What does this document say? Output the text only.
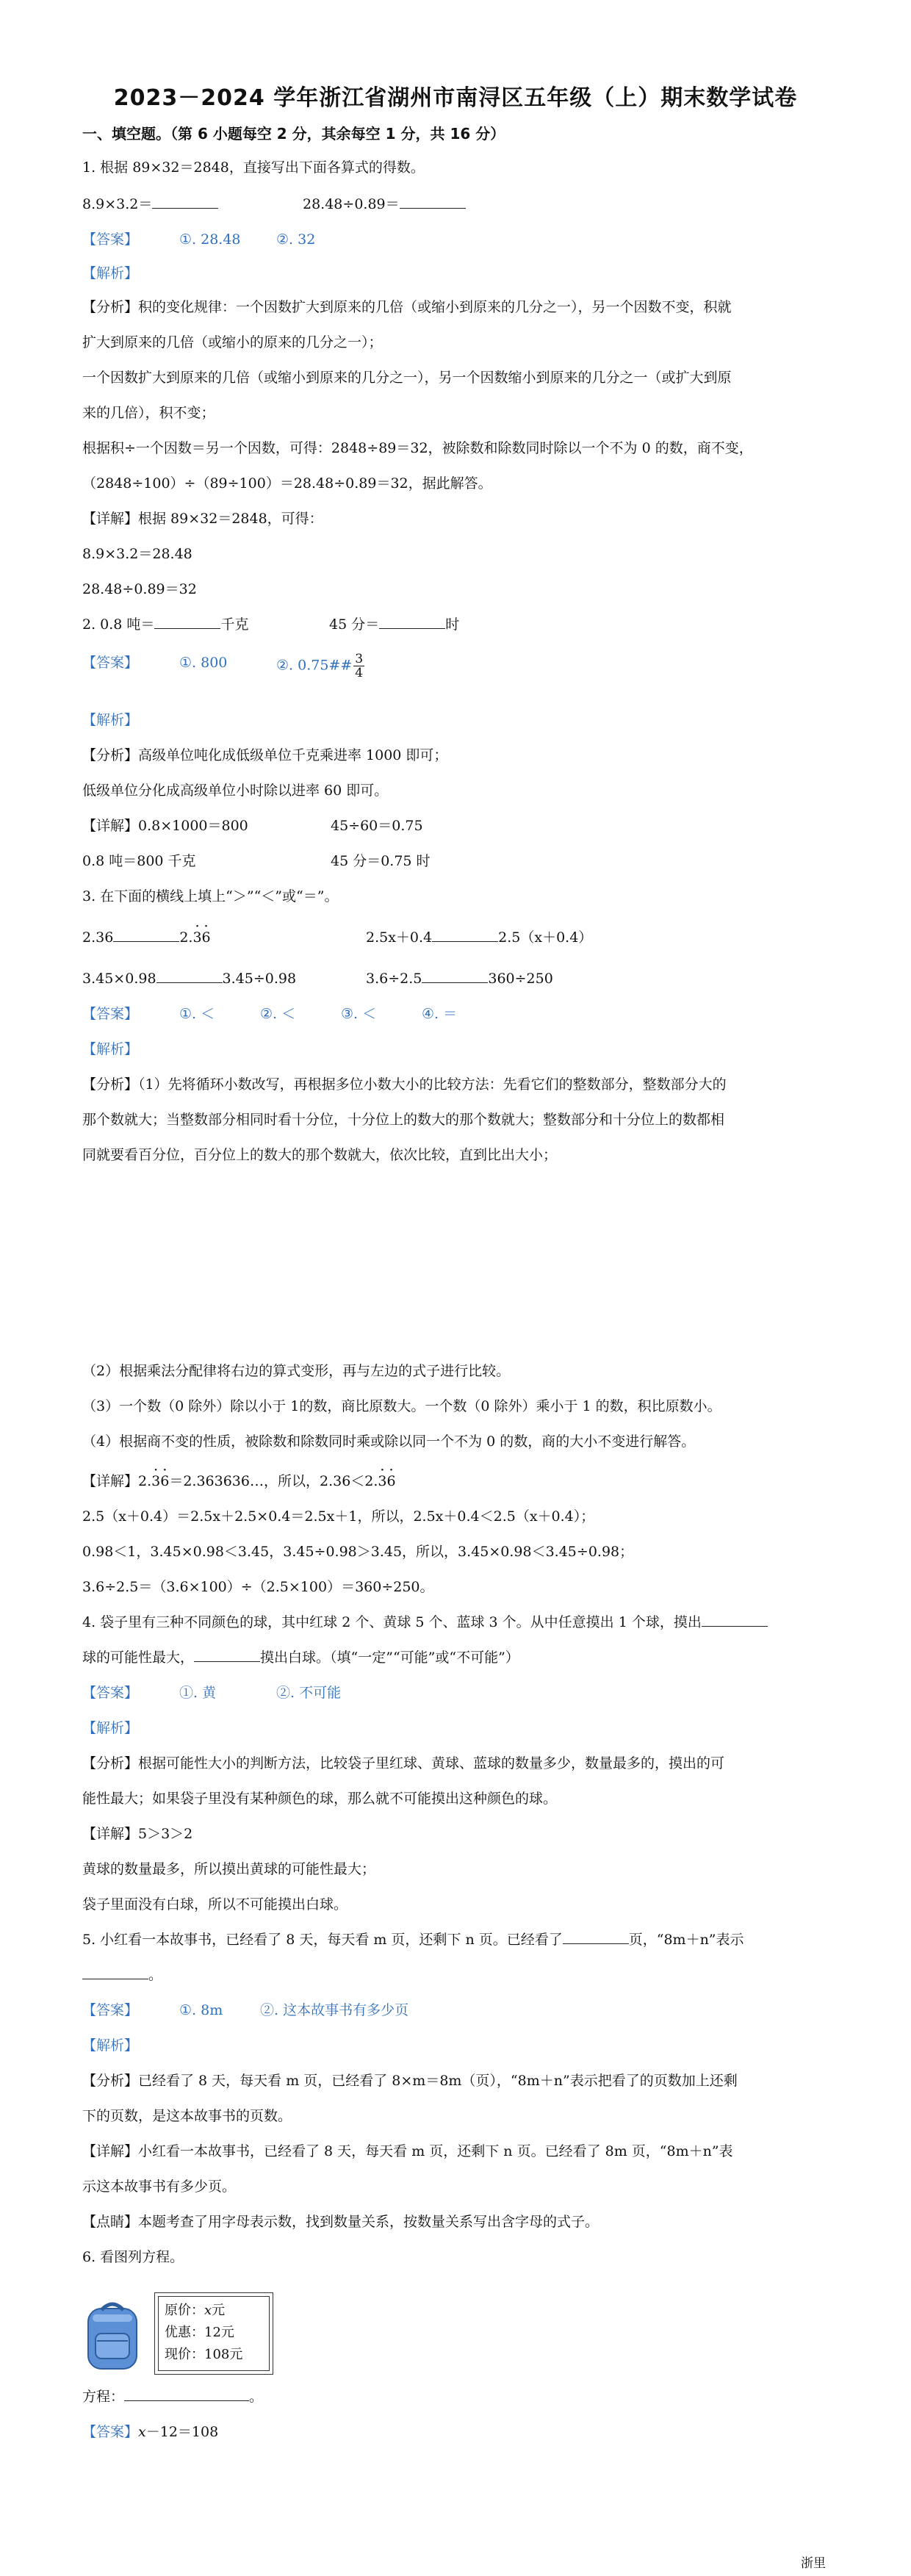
2023－2024 学年浙江省湖州市南浔区五年级（上）期末数学试卷
一、填空题。（第 6 小题每空 2 分，其余每空 1 分，共 16 分）
1. 根据 89×32＝2848，直接写出下面各算式的得数。
8.9×3.2＝	28.48÷0.89＝
【答案】	①. 28.48	②. 32
【解析】
【分析】积的变化规律：一个因数扩大到原来的几倍（或缩小到原来的几分之一），另一个因数不变，积就
扩大到原来的几倍（或缩小的原来的几分之一）；
一个因数扩大到原来的几倍（或缩小到原来的几分之一），另一个因数缩小到原来的几分之一（或扩大到原
来的几倍），积不变；
根据积÷一个因数＝另一个因数，可得：2848÷89＝32，被除数和除数同时除以一个不为 0 的数，商不变，
（2848÷100）÷（89÷100）＝28.48÷0.89＝32，据此解答。
【详解】根据 89×32＝2848，可得：
8.9×3.2＝28.48
28.48÷0.89＝32
2. 0.8 吨＝	千克	45 分＝	时
【答案】	①. 800	②. 0.75## $\frac{3}{4}$
【解析】
【分析】高级单位吨化成低级单位千克乘进率 1000 即可；
低级单位分化成高级单位小时除以进率 60 即可。
【详解】0.8×1000＝800	45÷60＝0.75
0.8 吨＝800 千克	45 分＝0.75 时
3. 在下面的横线上填上“＞”“＜”或“＝”。
2.36	2.· 3· 6	2.5x＋0.4	2.5（x＋0.4）
3.45×0.98	3.45÷0.98	3.6÷2.5	360÷250
【答案】	①. ＜	②. ＜	③. ＜	④. ＝
【解析】
【分析】（1）先将循环小数改写，再根据多位小数大小的比较方法：先看它们的整数部分，整数部分大的
那个数就大；当整数部分相同时看十分位，十分位上的数大的那个数就大；整数部分和十分位上的数都相
同就要看百分位，百分位上的数大的那个数就大，依次比较，直到比出大小；
（2）根据乘法分配律将右边的算式变形，再与左边的式子进行比较。
（3）一个数（0 除外）除以小于 1的数，商比原数大。一个数（0 除外）乘小于 1 的数，积比原数小。
（4）根据商不变的性质，被除数和除数同时乘或除以同一个不为 0 的数，商的大小不变进行解答。
【详解】2.· 3· 6＝2.363636…，所以，2.36＜2.· 3· 6
2.5（x＋0.4）＝2.5x＋2.5×0.4＝2.5x＋1，所以，2.5x＋0.4＜2.5（x＋0.4）；
0.98＜1，3.45×0.98＜3.45，3.45÷0.98＞3.45，所以，3.45×0.98＜3.45÷0.98；
3.6÷2.5＝（3.6×100）÷（2.5×100）＝360÷250。
4. 袋子里有三种不同颜色的球，其中红球 2 个、黄球 5 个、蓝球 3 个。从中任意摸出 1 个球，摸出
球的可能性最大，	摸出白球。（填“一定”“可能”或“不可能”）
【答案】	①. 黄	②. 不可能
【解析】
【分析】根据可能性大小的判断方法，比较袋子里红球、黄球、蓝球的数量多少，数量最多的，摸出的可
能性最大；如果袋子里没有某种颜色的球，那么就不可能摸出这种颜色的球。
【详解】5＞3＞2
黄球的数量最多，所以摸出黄球的可能性最大；
袋子里面没有白球，所以不可能摸出白球。
5. 小红看一本故事书，已经看了 8 天，每天看 m 页，还剩下 n 页。已经看了	页，“8m＋n”表示
。
【答案】	①. 8m	②. 这本故事书有多少页
【解析】
【分析】已经看了 8 天，每天看 m 页，已经看了 8×m＝8m（页），“8m＋n”表示把看了的页数加上还剩
下的页数，是这本故事书的页数。
【详解】小红看一本故事书，已经看了 8 天，每天看 m 页，还剩下 n 页。已经看了 8m 页，“8m＋n”表
示这本故事书有多少页。
【点睛】本题考查了用字母表示数，找到数量关系，按数量关系写出含字母的式子。
6. 看图列方程。
原价：x元
优惠：12元
现价：108元
方程：	。
【答案】x－12＝108
浙里
